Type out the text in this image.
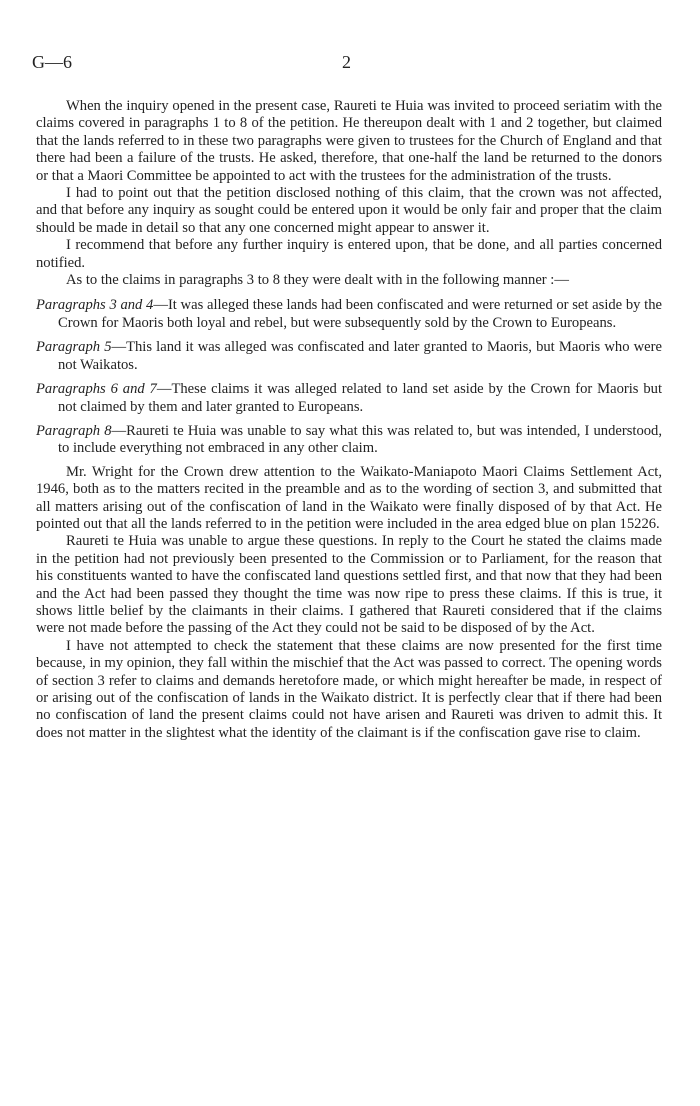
G—6	2

When the inquiry opened in the present case, Raureti te Huia was invited to proceed seriatim with the claims covered in paragraphs 1 to 8 of the petition. He thereupon dealt with 1 and 2 together, but claimed that the lands referred to in these two paragraphs were given to trustees for the Church of England and that there had been a failure of the trusts. He asked, therefore, that one-half the land be returned to the donors or that a Maori Committee be appointed to act with the trustees for the administration of the trusts.

I had to point out that the petition disclosed nothing of this claim, that the crown was not affected, and that before any inquiry as sought could be entered upon it would be only fair and proper that the claim should be made in detail so that any one concerned might appear to answer it.

I recommend that before any further inquiry is entered upon, that be done, and all parties concerned notified.

As to the claims in paragraphs 3 to 8 they were dealt with in the following manner :—

Paragraphs 3 and 4—It was alleged these lands had been confiscated and were returned or set aside by the Crown for Maoris both loyal and rebel, but were subsequently sold by the Crown to Europeans.

Paragraph 5—This land it was alleged was confiscated and later granted to Maoris, but Maoris who were not Waikatos.

Paragraphs 6 and 7—These claims it was alleged related to land set aside by the Crown for Maoris but not claimed by them and later granted to Europeans.

Paragraph 8—Raureti te Huia was unable to say what this was related to, but was intended, I understood, to include everything not embraced in any other claim.

Mr. Wright for the Crown drew attention to the Waikato-Maniapoto Maori Claims Settlement Act, 1946, both as to the matters recited in the preamble and as to the wording of section 3, and submitted that all matters arising out of the confiscation of land in the Waikato were finally disposed of by that Act. He pointed out that all the lands referred to in the petition were included in the area edged blue on plan 15226.

Raureti te Huia was unable to argue these questions. In reply to the Court he stated the claims made in the petition had not previously been presented to the Commission or to Parliament, for the reason that his constituents wanted to have the confiscated land questions settled first, and that now that they had been and the Act had been passed they thought the time was now ripe to press these claims. If this is true, it shows little belief by the claimants in their claims. I gathered that Raureti considered that if the claims were not made before the passing of the Act they could not be said to be disposed of by the Act.

I have not attempted to check the statement that these claims are now presented for the first time because, in my opinion, they fall within the mischief that the Act was passed to correct. The opening words of section 3 refer to claims and demands heretofore made, or which might hereafter be made, in respect of or arising out of the confiscation of lands in the Waikato district. It is perfectly clear that if there had been no confiscation of land the present claims could not have arisen and Raureti was driven to admit this. It does not matter in the slightest what the identity of the claimant is if the confiscation gave rise to claim.
